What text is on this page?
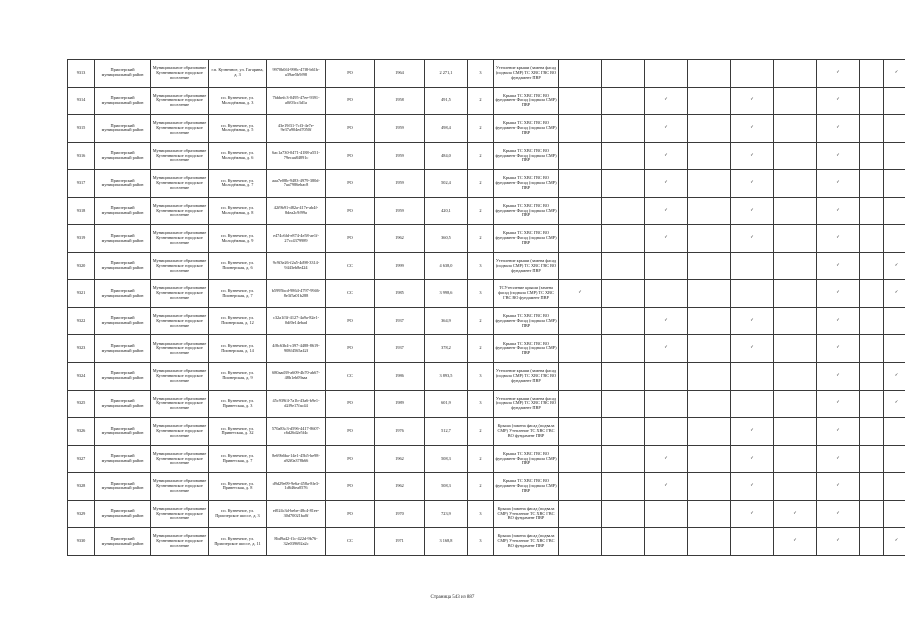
9313	Приозерский муниципальный район	Муниципальное образование Кузнечнинское городское поселение	г.п. Кузнечное, ул. Гагарина, д. 3	9970b0f4-998c-47f8-b61b-a39ae5b9f98	РО	1964	2 271,1	3	Утепление крыши (замена фасад (подвала СМР) ТС ХВС ГВС ВО фундамент ПВР							✓		✓
9314	Приозерский муниципальный район	Муниципальное образование Кузнечнинское городское поселение	г.п. Кузнечное, ул. Молодёжная, д. 3	7bbbefc3-0495-47ee-9391-a0f03cc3d1a	РО	1958	491,5	2	Крыша ТС ХВС ГВС ВО фундамент Фасад (подвала СМР) ПВР			✓		✓		✓		
9315	Приозерский муниципальный район	Муниципальное образование Кузнечнинское городское поселение	г.п. Кузнечное, ул. Молодёжная, д. 5	43e19f31-7cf3-4e7e-9e37a904ed7050f	РО	1959	498,4	2	Крыша ТС ХВС ГВС ВО фундамент Фасад (подвала СМР) ПВР			✓		✓		✓		
9316	Приозерский муниципальный район	Муниципальное образование Кузнечнинское городское поселение	г.п. Кузнечное, ул. Молодёжная, д. 6	6ac1a730-0471-4188-a551-79ecaa84891c	РО	1959	484,0	2	Крыша ТС ХВС ГВС ВО фундамент Фасад (подвала СМР) ПВР			✓		✓		✓		
9317	Приозерский муниципальный район	Муниципальное образование Кузнечнинское городское поселение	г.п. Кузнечное, ул. Молодёжная, д. 7	aaa7e08b-9483-4979-380d-7aa7986ebac8	РО	1959	502,4	2	Крыша ТС ХВС ГВС ВО фундамент Фасад (подвала СМР) ПВР			✓		✓		✓		
9318	Приозерский муниципальный район	Муниципальное образование Кузнечнинское городское поселение	г.п. Кузнечное, ул. Молодёжная, д. 8	42f9b91-d82a-417e-ab4f-8dea2c9f99a	РО	1959	420,1	2	Крыша ТС ХВС ГВС ВО фундамент Фасад (подвала СМР) ПВР			✓		✓		✓		
9319	Приозерский муниципальный район	Муниципальное образование Кузнечнинское городское поселение	г.п. Кузнечное, ул. Молодёжная, д. 9	e474c6fd-e874-4e58-ae1f-27cc4379989	РО	1962	360,5	2	Крыша ТС ХВС ГВС ВО фундамент Фасад (подвала СМР) ПВР			✓		✓		✓		
9320	Приозерский муниципальный район	Муниципальное образование Кузнечнинское городское поселение	г.п. Кузнечное, ул. Пионерская, д. 6	9c9f3e26-f2a5-4d98-3314-9443eb8e424	СС	1999	4 638,0	3	Утепление крыши (замена фасад (подвала СМР) ТС ХВС ГВС ВО фундамент ПВР							✓		✓
9321	Приозерский муниципальный район	Муниципальное образование Кузнечнинское городское поселение	г.п. Кузнечное, ул. Пионерская, д. 7	b5995bcd-9864-4797-9946-8e3f5a01b288	СС	1985	3 998,6	3	ТСУтепление крыши (замена фасад (подвала СМР) ТС ХВС ГВС ВО фундамент ПВР	✓						✓		✓
9322	Приозерский муниципальный район	Муниципальное образование Кузнечнинское городское поселение	г.п. Кузнечное, ул. Пионерская, д. 12	c32a1f3f-4127-4a9a-82e1-0df0e14ebad	РО	1937	364,9	2	Крыша ТС ХВС ГВС ВО фундамент Фасад (подвала СМР) ПВР			✓		✓		✓		
9323	Приозерский муниципальный район	Муниципальное образование Кузнечнинское городское поселение	г.п. Кузнечное, ул. Пионерская, д. 14	4f8c63b4-c397-4488-8619-908f4565a42f	РО	1937	378,2	2	Крыша ТС ХВС ГВС ВО фундамент Фасад (подвала СМР) ПВР			✓		✓		✓		
9324	Приозерский муниципальный район	Муниципальное образование Кузнечнинское городское поселение	г.п. Кузнечное, ул. Пионерская, д. 9	680aad39-a609-4b70-ab67-48b1eb09aaa	СС	1986	3 893,5	3	Утепление крыши (замена фасад (подвала СМР) ТС ХВС ГВС ВО фундамент ПВР							✓		✓
9325	Приозерский муниципальный район	Муниципальное образование Кузнечнинское городское поселение	г.п. Кузнечное, ул. Приветская, д. 3	45c939f4-7a1b-43a6-b9e1-d2f9e17fac44	РО	1989	601,9	3	Утепление крыши (замена фасад (подвала СМР) ТС ХВС ГВС ВО фундамент ПВР							✓		✓
9326	Приозерский муниципальный район	Муниципальное образование Кузнечнинское городское поселение	г.п. Кузнечное, ул. Приветская, д. 32	570a83c3-d596-4417-8607-c6d26d2e5f4c	РО	1976	512,7	2	Крыша (замена фасад (подвала СМР) Утепление ТС ХВС ГВС ВО фундамент ПВР					✓		✓		
9327	Приозерский муниципальный район	Муниципальное образование Кузнечнинское городское поселение	г.п. Кузнечное, ул. Приветская, д. 7	8e69b6ba-14e1-45b5-be98-a92f0a378b66	РО	1962	508,3	2	Крыша ТС ХВС ГВС ВО фундамент Фасад (подвала СМР) ПВР			✓		✓		✓		
9328	Приозерский муниципальный район	Муниципальное образование Кузнечнинское городское поселение	г.п. Кузнечное, ул. Приветская, д. 8	d9d29e09-9e6a-458a-8fe3-1d646ea0576	РО	1962	508,3	2	Крыша ТС ХВС ГВС ВО фундамент Фасад (подвала СМР) ПВР			✓		✓		✓		
9329	Приозерский муниципальный район	Муниципальное образование Кузнечнинское городское поселение	г.п. Кузнечное, ул. Приозерское шоссе, д. 3	ef024c3d-bebe-48c4-81ee-30d70021ba0f	РО	1970	723,9	3	Крыша (замена фасад (подвала СМР) Утепление ТС ХВС ГВС ВО фундамент ПВР					✓	✓	✓		
9330	Приозерский муниципальный район	Муниципальное образование Кузнечнинское городское поселение	г.п. Кузнечное, ул. Приозерское шоссе, д. 11	8bd9a42-f1c-422d-9b76-32e039692a2c	СС	1971	3 168,8	3	Крыша (замена фасад (подвала СМР) Утепление ТС ХВС ГВС ВО фундамент ПВР						✓	✓		✓
Страница 543 из 887
